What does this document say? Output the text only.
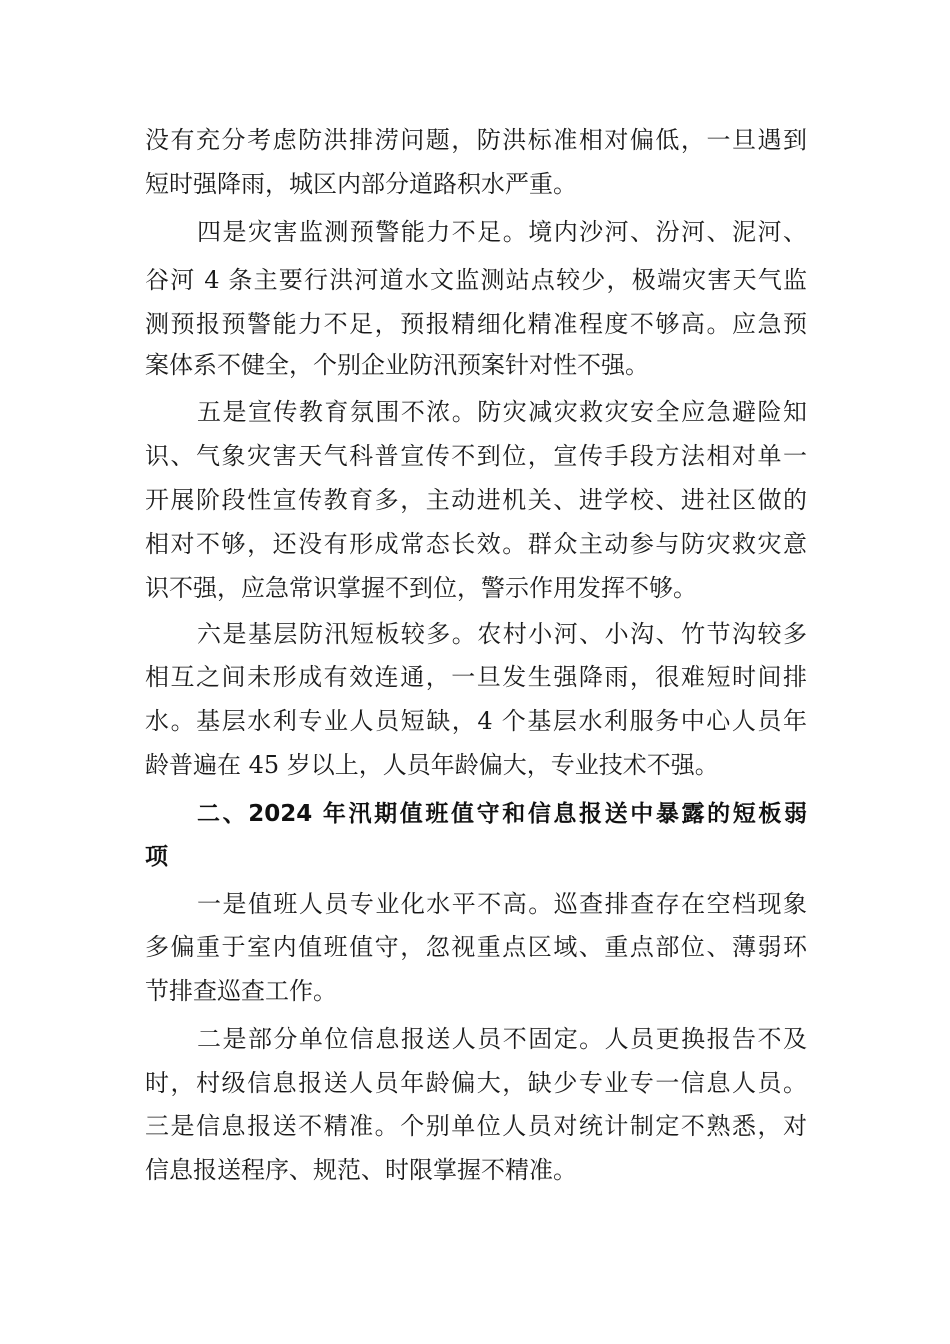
没有充分考虑防洪排涝问题，防洪标准相对偏低，一旦遇到
短时强降雨，城区内部分道路积水严重。
四是灾害监测预警能力不足。境内沙河、汾河、泥河、
谷河 4 条主要行洪河道水文监测站点较少，极端灾害天气监
测预报预警能力不足，预报精细化精准程度不够高。应急预
案体系不健全，个别企业防汛预案针对性不强。
五是宣传教育氛围不浓。防灾减灾救灾安全应急避险知
识、气象灾害天气科普宣传不到位，宣传手段方法相对单一
开展阶段性宣传教育多，主动进机关、进学校、进社区做的
相对不够，还没有形成常态长效。群众主动参与防灾救灾意
识不强，应急常识掌握不到位，警示作用发挥不够。
六是基层防汛短板较多。农村小河、小沟、竹节沟较多
相互之间未形成有效连通，一旦发生强降雨，很难短时间排
水。基层水利专业人员短缺，4 个基层水利服务中心人员年
龄普遍在 45 岁以上，人员年龄偏大，专业技术不强。
二、2024 年汛期值班值守和信息报送中暴露的短板弱
项
一是值班人员专业化水平不高。巡查排查存在空档现象
多偏重于室内值班值守，忽视重点区域、重点部位、薄弱环
节排查巡查工作。
二是部分单位信息报送人员不固定。人员更换报告不及
时，村级信息报送人员年龄偏大，缺少专业专一信息人员。
三是信息报送不精准。个别单位人员对统计制定不熟悉，对
信息报送程序、规范、时限掌握不精准。
